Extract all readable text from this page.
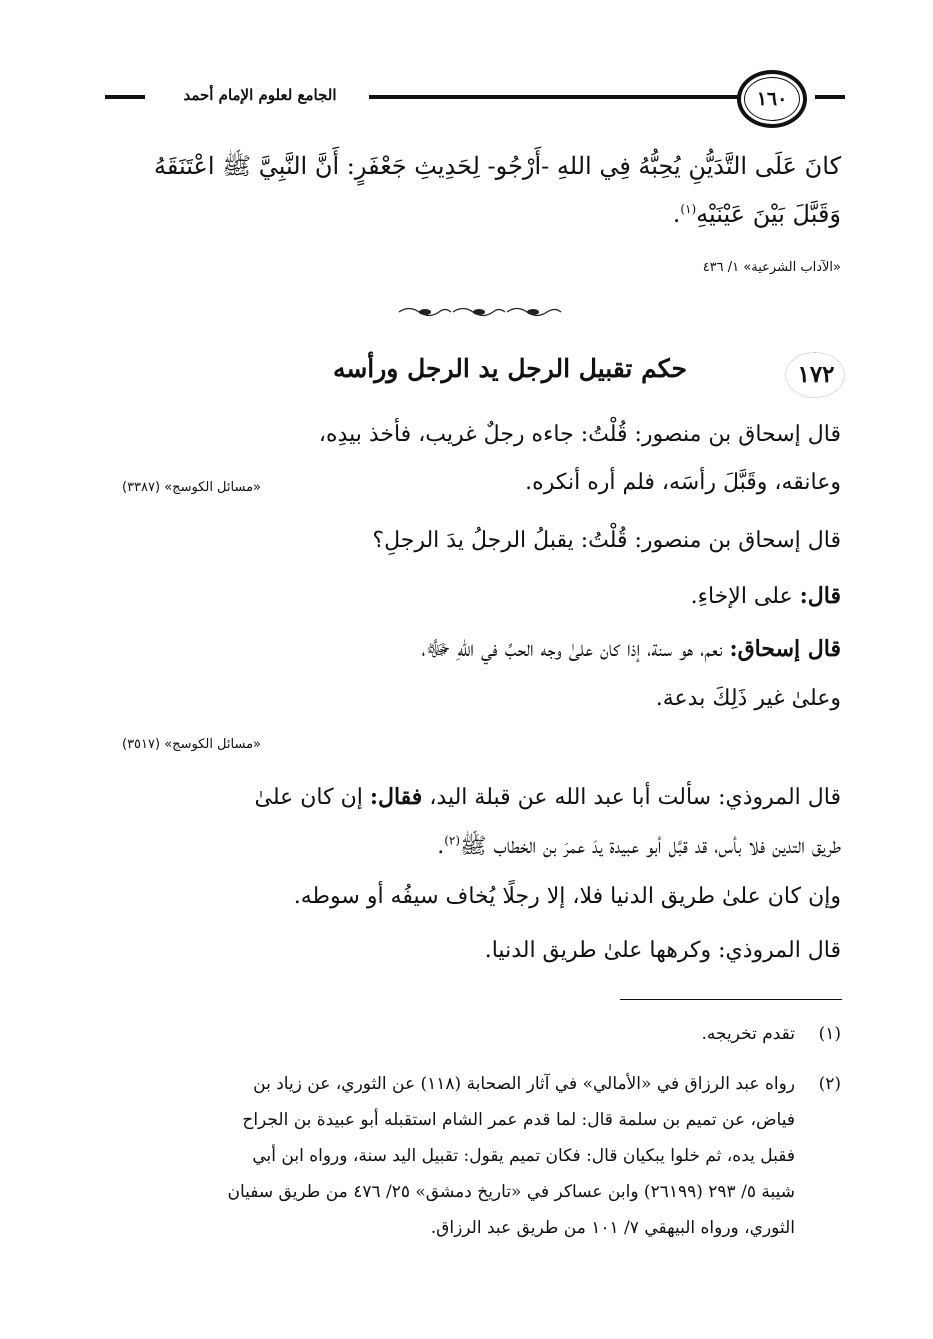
الجامع لعلوم الإمام أحمد	١٦٠

كانَ عَلَى التَّدَيُّنِ يُحِبُّهُ فِي اللهِ -أَرْجُو- لِحَدِيثِ جَعْفَرٍ: أَنَّ النَّبِيَّ ﷺ اعْتَنَقَهُ

وَقَبَّلَ بَيْنَ عَيْنَيْهِ$^{(١)}$.

«الآداب الشرعية» ١/ ٤٣٦
١٧٢
حكم تقبيل الرجل يد الرجل ورأسه

قال إسحاق بن منصور: قُلْتُ: جاءه رجلٌ غريب، فأخذ بيدِه،

وعانقه، وقَبَّلَ رأسَه، فلم أره أنكره.

«مسائل الكوسج» (٣٣٨٧)

قال إسحاق بن منصور: قُلْتُ: يقبلُ الرجلُ يدَ الرجلِ؟

قال: على الإخاءِ.

قال إسحاق: نعم، هو سنة، إذا كان علىٰ وجه الحبِّ في اللهِ ﷻ،

وعلىٰ غير ذَلِكَ بدعة.

«مسائل الكوسج» (٣٥١٧)

قال المروذي: سألت أبا عبد الله عن قبلة اليد، فقال: إن كان علىٰ

طريق التدين فلا بأس، قد قبَّل أبو عبيدة يدَ عمرَ بن الخطاب ﷺ$^{(٢)}$.

وإن كان علىٰ طريق الدنيا فلا، إلا رجلًا يُخاف سيفُه أو سوطه.

قال المروذي: وكرهها علىٰ طريق الدنيا.

(١)تقدم تخريجه.
(٢)رواه عبد الرزاق في «الأمالي» في آثار الصحابة (١١٨) عن الثوري، عن زياد بن
فياض، عن تميم بن سلمة قال: لما قدم عمر الشام استقبله أبو عبيدة بن الجراح
فقبل يده، ثم خلوا يبكيان قال: فكان تميم يقول: تقبيل اليد سنة، ورواه ابن أبي
شيبة ٥/ ٢٩٣ (٢٦١٩٩) وابن عساكر في «تاريخ دمشق» ٢٥/ ٤٧٦ من طريق سفيان
الثوري، ورواه البيهقي ٧/ ١٠١ من طريق عبد الرزاق.
